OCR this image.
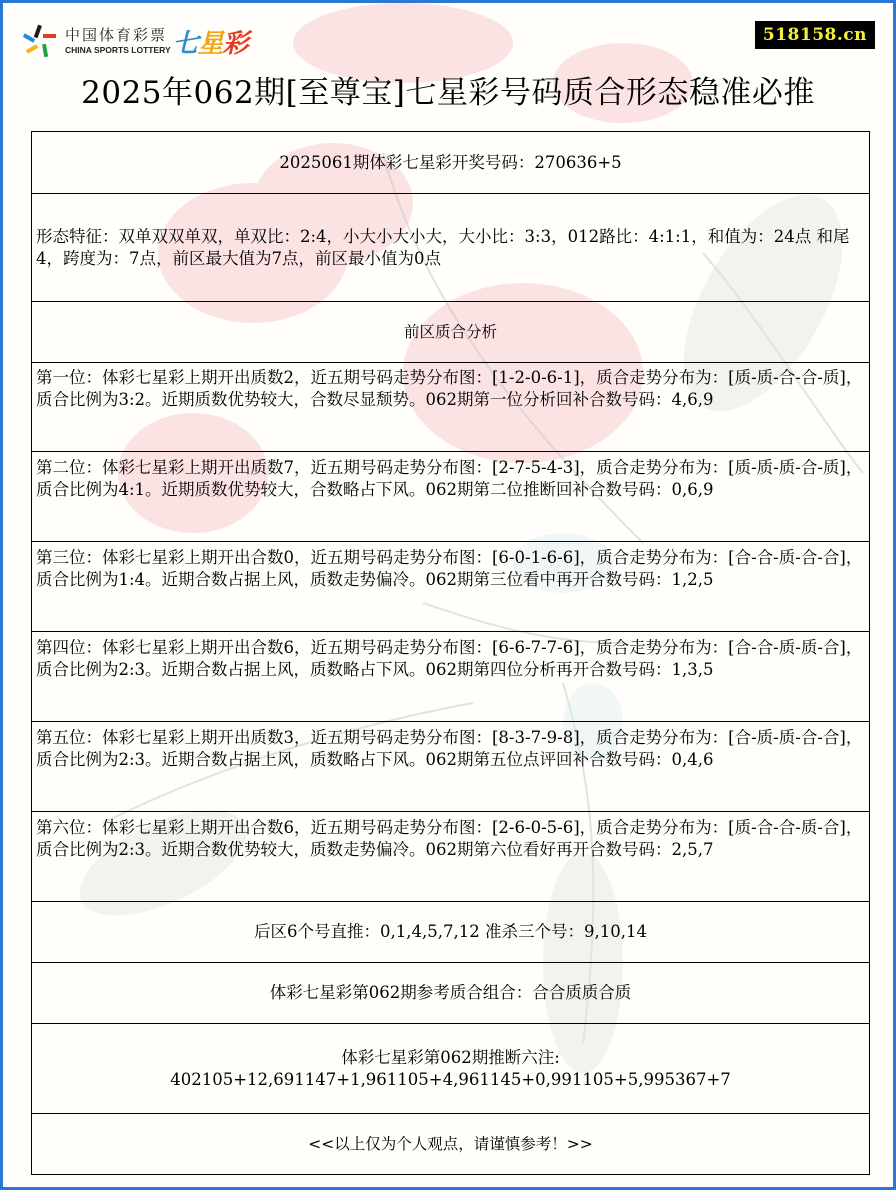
中国体育彩票
CHINA SPORTS LOTTERY 七星彩	518158.cn
2025年062期[至尊宝]七星彩号码质合形态稳准必推
2025061期体彩七星彩开奖号码：270636+5
形态特征：双单双双单双，单双比：2:4，小大小大小大，大小比：3:3，012路比：4:1:1，和值为：24点 和尾4，跨度为：7点，前区最大值为7点，前区最小值为0点
前区质合分析
第一位：体彩七星彩上期开出质数2，近五期号码走势分布图：[1-2-0-6-1]，质合走势分布为：[质-质-合-合-质]，质合比例为3:2。近期质数优势较大，合数尽显颓势。062期第一位分析回补合数号码：4,6,9
第二位：体彩七星彩上期开出质数7，近五期号码走势分布图：[2-7-5-4-3]，质合走势分布为：[质-质-质-合-质]，质合比例为4:1。近期质数优势较大，合数略占下风。062期第二位推断回补合数号码：0,6,9
第三位：体彩七星彩上期开出合数0，近五期号码走势分布图：[6-0-1-6-6]，质合走势分布为：[合-合-质-合-合]，质合比例为1:4。近期合数占据上风，质数走势偏冷。062期第三位看中再开合数号码：1,2,5
第四位：体彩七星彩上期开出合数6，近五期号码走势分布图：[6-6-7-7-6]，质合走势分布为：[合-合-质-质-合]，质合比例为2:3。近期合数占据上风，质数略占下风。062期第四位分析再开合数号码：1,3,5
第五位：体彩七星彩上期开出质数3，近五期号码走势分布图：[8-3-7-9-8]，质合走势分布为：[合-质-质-合-合]，质合比例为2:3。近期合数占据上风，质数略占下风。062期第五位点评回补合数号码：0,4,6
第六位：体彩七星彩上期开出合数6，近五期号码走势分布图：[2-6-0-5-6]，质合走势分布为：[质-合-合-质-合]，质合比例为2:3。近期合数优势较大，质数走势偏冷。062期第六位看好再开合数号码：2,5,7
后区6个号直推：0,1,4,5,7,12 准杀三个号：9,10,14
体彩七星彩第062期参考质合组合：合合质质合质
体彩七星彩第062期推断六注:
402105+12,691147+1,961105+4,961145+0,991105+5,995367+7
<<以上仅为个人观点，请谨慎参考！>>
